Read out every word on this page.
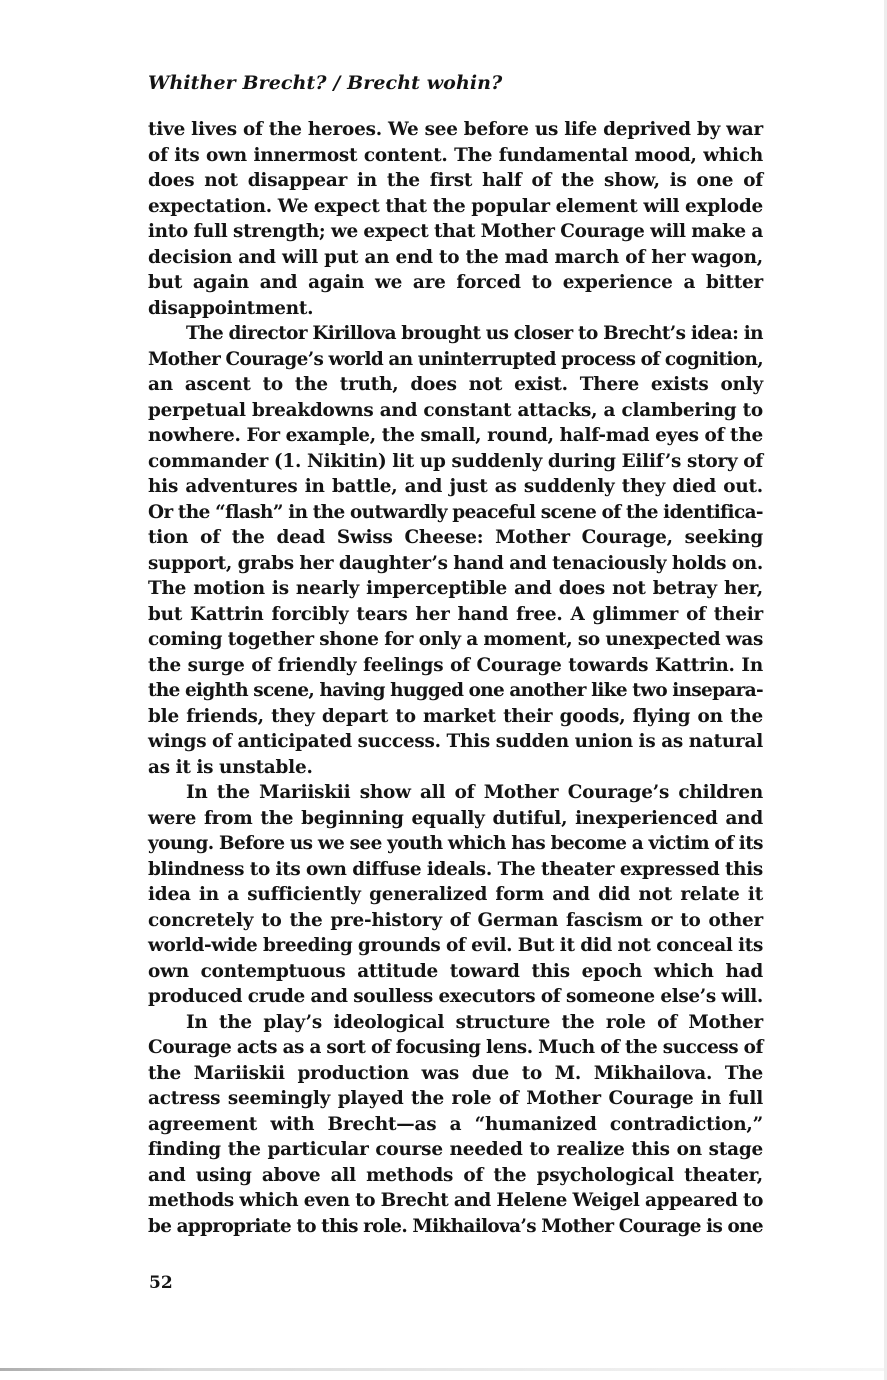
Whither Brecht? / Brecht wohin?
tive lives of the heroes. We see before us life deprived by war
of its own innermost content. The fundamental mood, which
does not disappear in the first half of the show, is one of
expectation. We expect that the popular element will explode
into full strength; we expect that Mother Courage will make a
decision and will put an end to the mad march of her wagon,
but again and again we are forced to experience a bitter
disappointment.
The director Kirillova brought us closer to Brecht’s idea: in
Mother Courage’s world an uninterrupted process of cognition,
an ascent to the truth, does not exist. There exists only
perpetual breakdowns and constant attacks, a clambering to
nowhere. For example, the small, round, half-mad eyes of the
commander (1. Nikitin) lit up suddenly during Eilif’s story of
his adventures in battle, and just as suddenly they died out.
Or the “flash” in the outwardly peaceful scene of the identifica-
tion of the dead Swiss Cheese: Mother Courage, seeking
support, grabs her daughter’s hand and tenaciously holds on.
The motion is nearly imperceptible and does not betray her,
but Kattrin forcibly tears her hand free. A glimmer of their
coming together shone for only a moment, so unexpected was
the surge of friendly feelings of Courage towards Kattrin. In
the eighth scene, having hugged one another like two insepara-
ble friends, they depart to market their goods, flying on the
wings of anticipated success. This sudden union is as natural
as it is unstable.
In the Mariiskii show all of Mother Courage’s children
were from the beginning equally dutiful, inexperienced and
young. Before us we see youth which has become a victim of its
blindness to its own diffuse ideals. The theater expressed this
idea in a sufficiently generalized form and did not relate it
concretely to the pre-history of German fascism or to other
world-wide breeding grounds of evil. But it did not conceal its
own contemptuous attitude toward this epoch which had
produced crude and soulless executors of someone else’s will.
In the play’s ideological structure the role of Mother
Courage acts as a sort of focusing lens. Much of the success of
the Mariiskii production was due to M. Mikhailova. The
actress seemingly played the role of Mother Courage in full
agreement with Brecht—as a “humanized contradiction,”
finding the particular course needed to realize this on stage
and using above all methods of the psychological theater,
methods which even to Brecht and Helene Weigel appeared to
be appropriate to this role. Mikhailova’s Mother Courage is one
52
